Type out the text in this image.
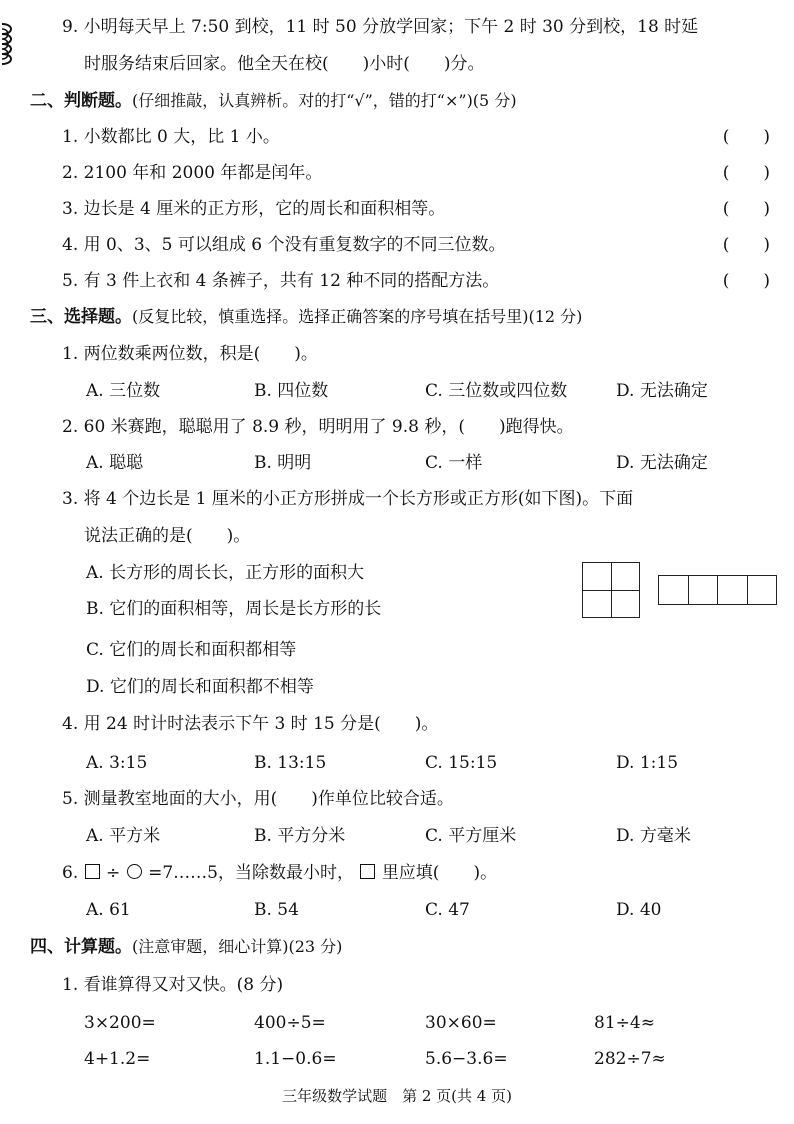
9. 小明每天早上 7:50 到校，11 时 50 分放学回家；下午 2 时 30 分到校，18 时延
时服务结束后回家。他全天在校(　　)小时(　　)分。
二、判断题。(仔细推敲，认真辨析。对的打“√”，错的打“×”)(5 分)
1. 小数都比 0 大，比 1 小。	(　　)
2. 2100 年和 2000 年都是闰年。	(　　)
3. 边长是 4 厘米的正方形，它的周长和面积相等。	(　　)
4. 用 0、3、5 可以组成 6 个没有重复数字的不同三位数。	(　　)
5. 有 3 件上衣和 4 条裤子，共有 12 种不同的搭配方法。	(　　)
三、选择题。(反复比较，慎重选择。选择正确答案的序号填在括号里)(12 分)
1. 两位数乘两位数，积是(　　)。
A. 三位数	B. 四位数	C. 三位数或四位数	D. 无法确定
2. 60 米赛跑，聪聪用了 8.9 秒，明明用了 9.8 秒，(　　)跑得快。
A. 聪聪	B. 明明	C. 一样	D. 无法确定
3. 将 4 个边长是 1 厘米的小正方形拼成一个长方形或正方形(如下图)。下面
说法正确的是(　　)。
A. 长方形的周长长，正方形的面积大
B. 它们的面积相等，周长是长方形的长
C. 它们的周长和面积都相等
D. 它们的周长和面积都不相等
4. 用 24 时计时法表示下午 3 时 15 分是(　　)。
A. 3:15	B. 13:15	C. 15:15	D. 1:15
5. 测量教室地面的大小，用(　　)作单位比较合适。
A. 平方米	B. 平方分米	C. 平方厘米	D. 方毫米
6. ÷ =7……5，当除数最小时， 里应填(　　)。
A. 61	B. 54	C. 47	D. 40
四、计算题。(注意审题，细心计算)(23 分)
1. 看谁算得又对又快。(8 分)
3×200=	400÷5=	30×60=	81÷4≈
4+1.2=	1.1−0.6=	5.6−3.6=	282÷7≈
三年级数学试题　第 2 页(共 4 页)
